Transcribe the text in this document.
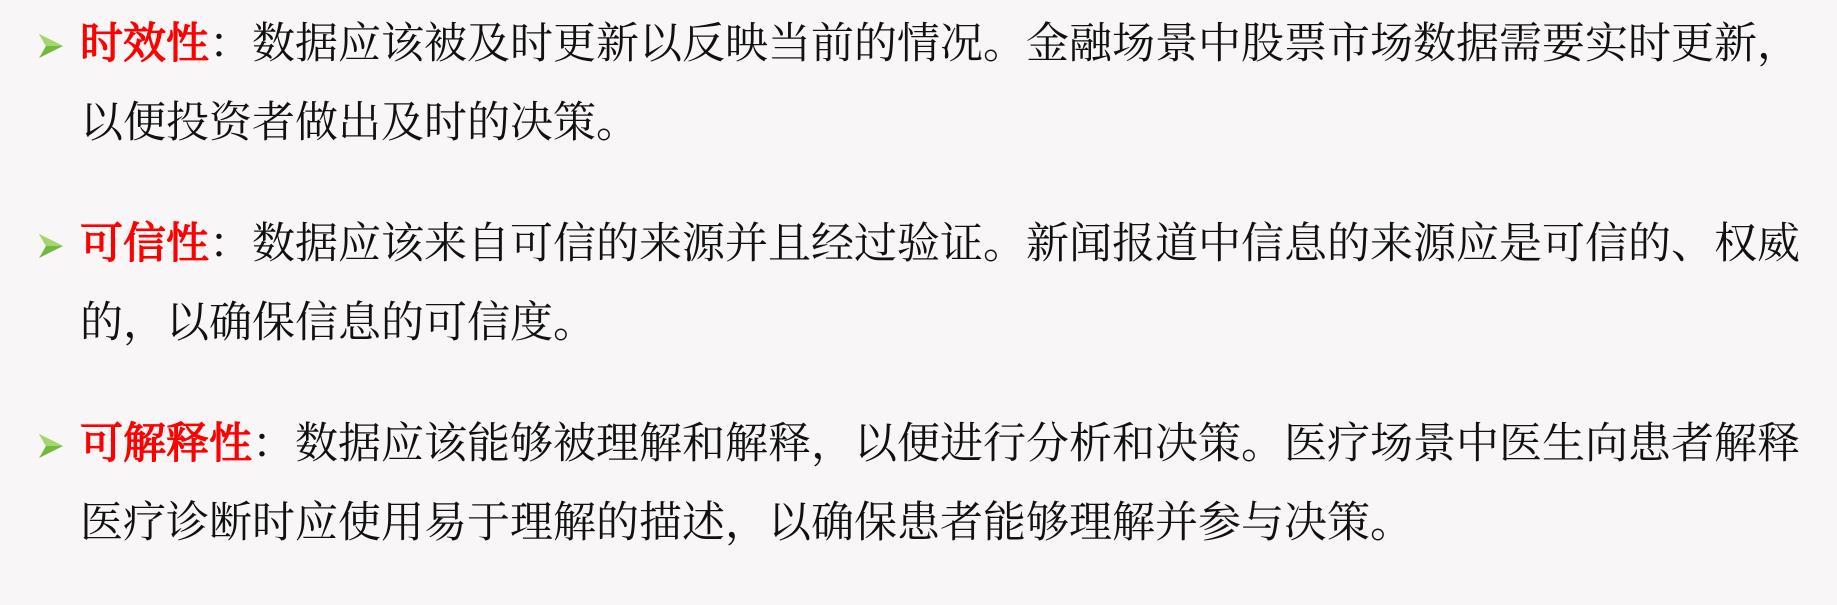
时效性：数据应该被及时更新以反映当前的情况。金融场景中股票市场数据需要实时更新，以便投资者做出及时的决策。
可信性：数据应该来自可信的来源并且经过验证。新闻报道中信息的来源应是可信的、权威的，以确保信息的可信度。
可解释性：数据应该能够被理解和解释，以便进行分析和决策。医疗场景中医生向患者解释医疗诊断时应使用易于理解的描述，以确保患者能够理解并参与决策。
